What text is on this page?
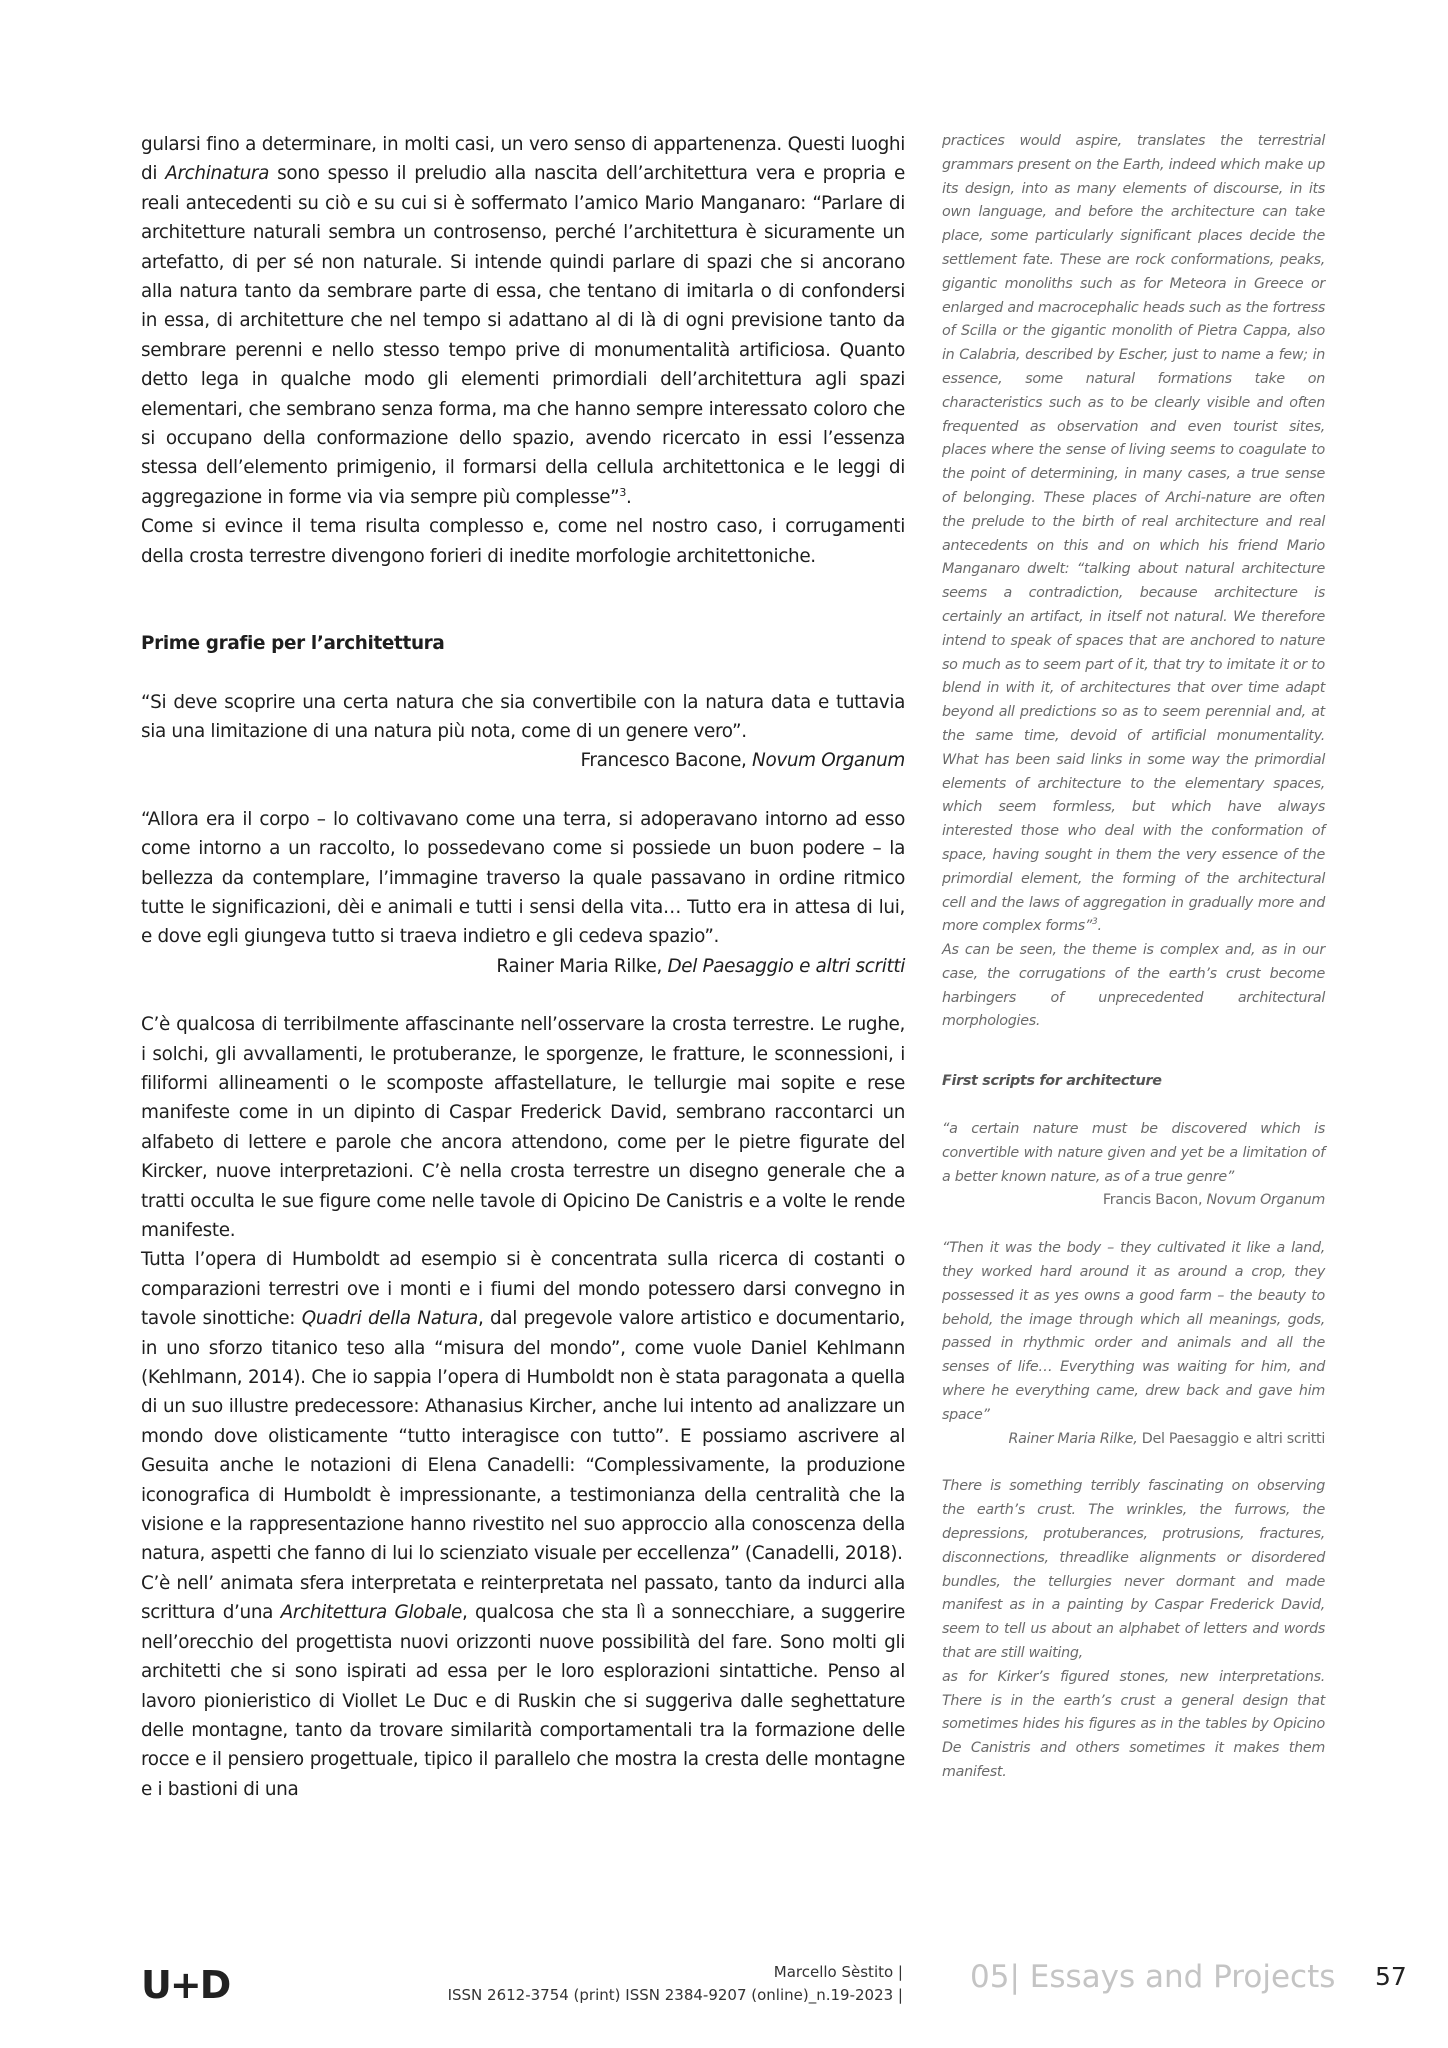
gularsi fino a determinare, in molti casi, un vero senso di appartenenza. Questi luoghi di Archinatura sono spesso il preludio alla nascita dell’architettura vera e propria e reali antecedenti su ciò e su cui si è soffermato l’amico Mario Manganaro: “Parlare di architetture naturali sembra un controsenso, perché l’architettura è sicuramente un artefatto, di per sé non naturale. Si intende quindi parlare di spazi che si ancorano alla natura tanto da sembrare parte di essa, che tentano di imitarla o di confondersi in essa, di architetture che nel tempo si adattano al di là di ogni previsione tanto da sembrare perenni e nello stesso tempo prive di monumentalità artificiosa. Quanto detto lega in qualche modo gli elementi primordiali dell’architettura agli spazi elementari, che sembrano senza forma, ma che hanno sempre interessato coloro che si occupano della conformazione dello spazio, avendo ricercato in essi l’essenza stessa dell’elemento primigenio, il formarsi della cellula architettonica e le leggi di aggregazione in forme via via sempre più complesse”$^3$.

Come si evince il tema risulta complesso e, come nel nostro caso, i corrugamenti della crosta terrestre divengono forieri di inedite morfologie architettoniche.

Prime grafie per l’architettura

“Si deve scoprire una certa natura che sia convertibile con la natura data e tuttavia sia una limitazione di una natura più nota, come di un genere vero”.

Francesco Bacone, Novum Organum

“Allora era il corpo – lo coltivavano come una terra, si adoperavano intorno ad esso come intorno a un raccolto, lo possedevano come si possiede un buon podere – la bellezza da contemplare, l’immagine traverso la quale passavano in ordine ritmico tutte le significazioni, dèi e animali e tutti i sensi della vita… Tutto era in attesa di lui, e dove egli giungeva tutto si traeva indietro e gli cedeva spazio”.

Rainer Maria Rilke, Del Paesaggio e altri scritti

C’è qualcosa di terribilmente affascinante nell’osservare la crosta terrestre. Le rughe, i solchi, gli avvallamenti, le protuberanze, le sporgenze, le fratture, le sconnessioni, i filiformi allineamenti o le scomposte affastellature, le tellurgie mai sopite e rese manifeste come in un dipinto di Caspar Frederick David, sembrano raccontarci un alfabeto di lettere e parole che ancora attendono, come per le pietre figurate del Kircker, nuove interpretazioni. C’è nella crosta terrestre un disegno generale che a tratti occulta le sue figure come nelle tavole di Opicino De Canistris e a volte le rende manifeste.

Tutta l’opera di Humboldt ad esempio si è concentrata sulla ricerca di costanti o comparazioni terrestri ove i monti e i fiumi del mondo potessero darsi convegno in tavole sinottiche: Quadri della Natura, dal pregevole valore artistico e documentario, in uno sforzo titanico teso alla “misura del mondo”, come vuole Daniel Kehlmann (Kehlmann, 2014). Che io sappia l’opera di Humboldt non è stata paragonata a quella di un suo illustre predecessore: Athanasius Kircher, anche lui intento ad analizzare un mondo dove olisticamente “tutto interagisce con tutto”. E possiamo ascrivere al Gesuita anche le notazioni di Elena Canadelli: “Complessivamente, la produzione iconografica di Humboldt è impressionante, a testimonianza della centralità che la visione e la rappresentazione hanno rivestito nel suo approccio alla conoscenza della natura, aspetti che fanno di lui lo scienziato visuale per eccellenza” (Canadelli, 2018).

C’è nell’ animata sfera interpretata e reinterpretata nel passato, tanto da indurci alla scrittura d’una Architettura Globale, qualcosa che sta lì a sonnecchiare, a suggerire nell’orecchio del progettista nuovi orizzonti nuove possibilità del fare. Sono molti gli architetti che si sono ispirati ad essa per le loro esplorazioni sintattiche. Penso al lavoro pionieristico di Viollet Le Duc e di Ruskin che si suggeriva dalle seghettature delle montagne, tanto da trovare similarità comportamentali tra la formazione delle rocce e il pensiero progettuale, tipico il parallelo che mostra la cresta delle montagne e i bastioni di una

practices would aspire, translates the terrestrial grammars present on the Earth, indeed which make up its design, into as many elements of discourse, in its own language, and before the architecture can take place, some particularly significant places decide the settlement fate. These are rock conformations, peaks, gigantic monoliths such as for Meteora in Greece or enlarged and macrocephalic heads such as the fortress of Scilla or the gigantic monolith of Pietra Cappa, also in Calabria, described by Escher, just to name a few; in essence, some natural formations take on characteristics such as to be clearly visible and often frequented as observation and even tourist sites, places where the sense of living seems to coagulate to the point of determining, in many cases, a true sense of belonging. These places of Archi-nature are often the prelude to the birth of real architecture and real antecedents on this and on which his friend Mario Manganaro dwelt: “talking about natural architecture seems a contradiction, because architecture is certainly an artifact, in itself not natural. We therefore intend to speak of spaces that are anchored to nature so much as to seem part of it, that try to imitate it or to blend in with it, of architectures that over time adapt beyond all predictions so as to seem perennial and, at the same time, devoid of artificial monumentality. What has been said links in some way the primordial elements of architecture to the elementary spaces, which seem formless, but which have always interested those who deal with the conformation of space, having sought in them the very essence of the primordial element, the forming of the architectural cell and the laws of aggregation in gradually more and more complex forms”$^3$.

As can be seen, the theme is complex and, as in our case, the corrugations of the earth’s crust become harbingers of unprecedented architectural morphologies.

First scripts for architecture

“a certain nature must be discovered which is convertible with nature given and yet be a limitation of a better known nature, as of a true genre”

Francis Bacon, Novum Organum

“Then it was the body – they cultivated it like a land, they worked hard around it as around a crop, they possessed it as yes owns a good farm – the beauty to behold, the image through which all meanings, gods, passed in rhythmic order and animals and all the senses of life… Everything was waiting for him, and where he everything came, drew back and gave him space”

Rainer Maria Rilke, Del Paesaggio e altri scritti

There is something terribly fascinating on observing the earth’s crust. The wrinkles, the furrows, the depressions, protuberances, protrusions, fractures, disconnections, threadlike alignments or disordered bundles, the tellurgies never dormant and made manifest as in a painting by Caspar Frederick David, seem to tell us about an alphabet of letters and words that are still waiting,

as for Kirker’s figured stones, new interpretations. There is in the earth’s crust a general design that sometimes hides his figures as in the tables by Opicino De Canistris and others sometimes it makes them manifest.

U+D	Marcello Sèstito |
ISSN 2612-3754 (print) ISSN 2384-9207 (online)_n.19-2023 | 05| Essays and Projects 57
